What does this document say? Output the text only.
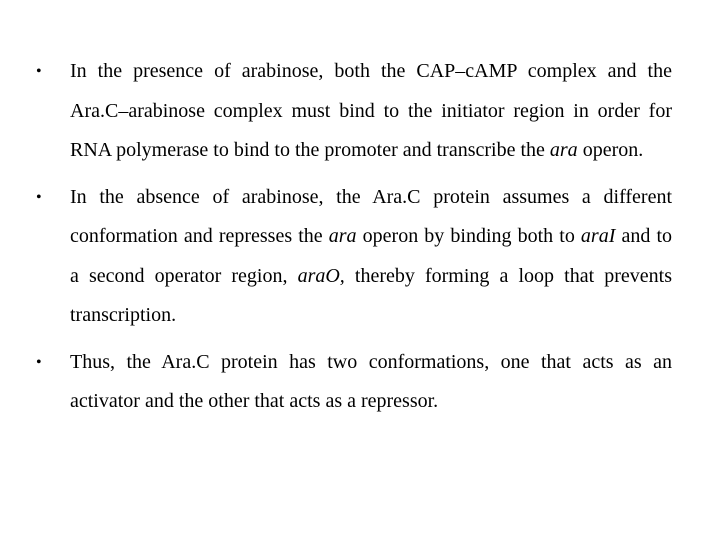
• In the presence of arabinose, both the CAP–cAMP complex and the Ara.C–arabinose complex must bind to the initiator region in order for RNA polymerase to bind to the promoter and transcribe the ara operon.
• In the absence of arabinose, the Ara.C protein assumes a different conformation and represses the ara operon by binding both to araI and to a second operator region, araO, thereby forming a loop that prevents transcription.
• Thus, the Ara.C protein has two conformations, one that acts as an activator and the other that acts as a repressor.
